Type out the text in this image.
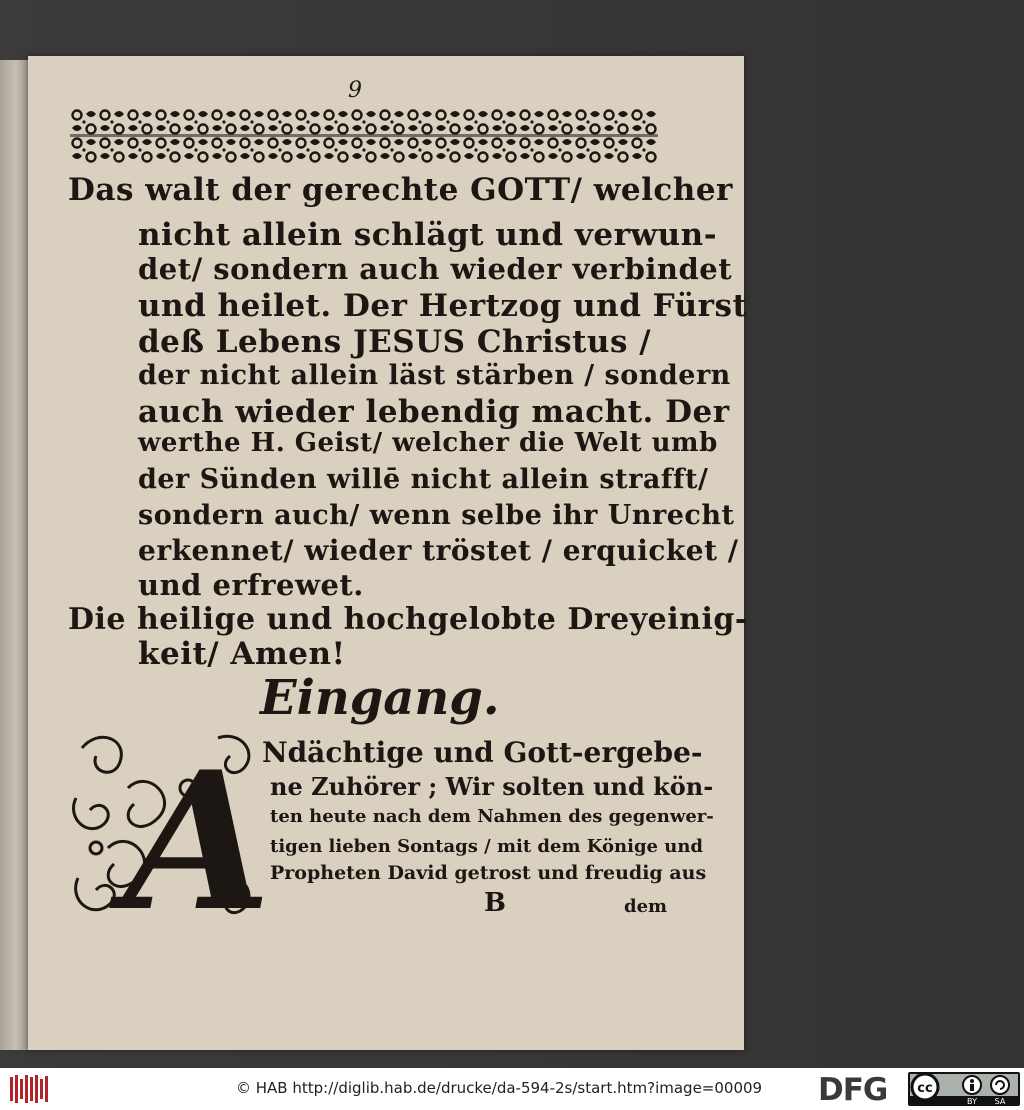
9
Das walt der gerechte GOTT/ welcher
nicht allein schlägt und verwun-
det/ sondern auch wieder verbindet
und heilet. Der Hertzog und Fürst
deß Lebens JESUS Christus /
der nicht allein läst stärben / sondern
auch wieder lebendig macht. Der
werthe H. Geist/ welcher die Welt umb
der Sünden willē nicht allein strafft/
sondern auch/ wenn selbe ihr Unrecht
erkennet/ wieder tröstet / erquicket /
und erfrewet.
Die heilige und hochgelobte Dreyeinig-
keit/ Amen!
Eingang.
A
Ndächtige und Gott-ergebe-
ne Zuhörer ; Wir solten und kön-
ten heute nach dem Nahmen des gegenwer-
tigen lieben Sontags / mit dem Könige und
Propheten David getrost und freudig aus
B	dem
© HAB http://diglib.hab.de/drucke/da-594-2s/start.htm?image=00009 DFG	cc
BY SA
